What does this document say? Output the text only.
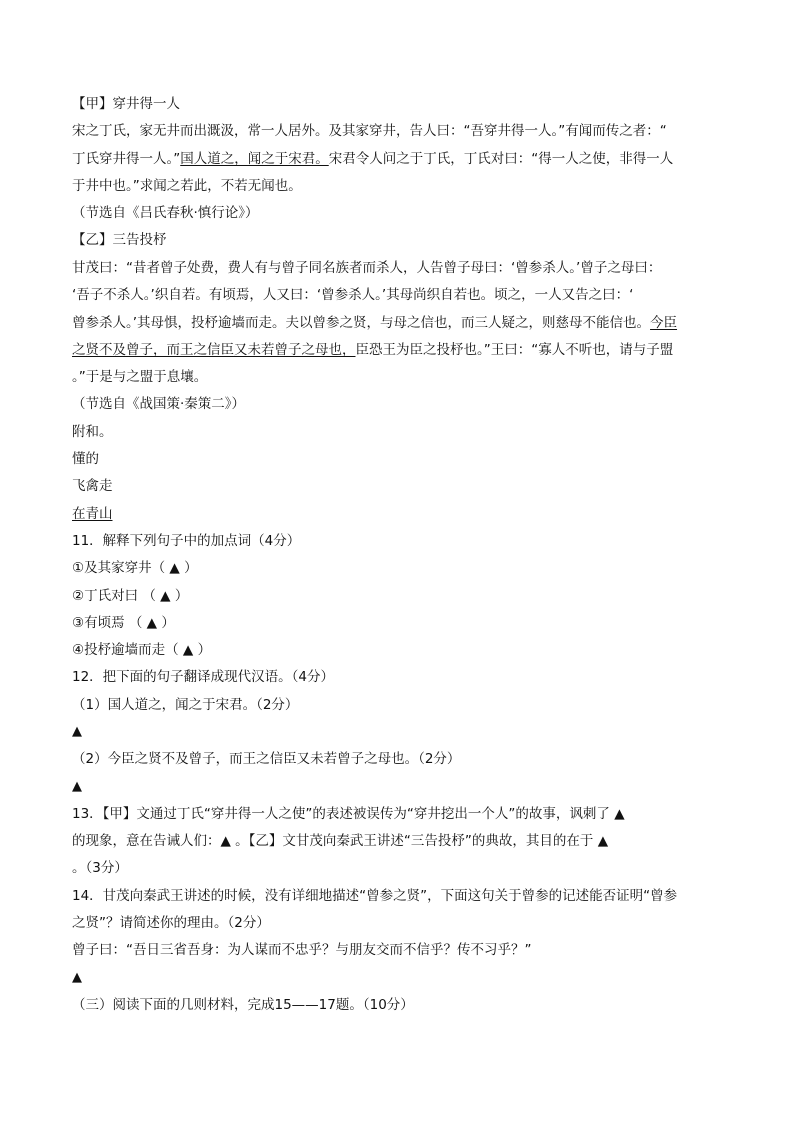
【甲】穿井得一人
宋之丁氏，家无井而出溉汲，常一人居外。及其家穿井，告人曰：“吾穿井得一人。”有闻而传之者：“
丁氏穿井得一人。”国人道之，闻之于宋君。宋君令人问之于丁氏，丁氏对曰：“得一人之使，非得一人
于井中也。”求闻之若此，不若无闻也。
（节选自《吕氏春秋·慎行论》）
【乙】三告投杼
甘茂曰：“昔者曾子处费，费人有与曾子同名族者而杀人，人告曾子母曰：‘曾参杀人。’曾子之母曰：
‘吾子不杀人。’织自若。有顷焉，人又曰：‘曾参杀人。’其母尚织自若也。顷之，一人又告之曰：‘
曾参杀人。’其母惧，投杼逾墙而走。夫以曾参之贤，与母之信也，而三人疑之，则慈母不能信也。今臣
之贤不及曾子，而王之信臣又未若曾子之母也，臣恐王为臣之投杼也。”王曰：“寡人不听也，请与子盟
。”于是与之盟于息壤。
（节选自《战国策·秦策二》）
附和。
懂的
飞禽走
在青山
11．解释下列句子中的加点词（4分）
①及其家穿井（ ▲ ）
②丁氏对曰 （ ▲ ）
③有顷焉 （ ▲ ）
④投杼逾墙而走（ ▲ ）
12．把下面的句子翻译成现代汉语。（4分）
（1）国人道之，闻之于宋君。（2分）
▲
（2）今臣之贤不及曾子，而王之信臣又未若曾子之母也。（2分）
▲
13．【甲】文通过丁氏“穿井得一人之使”的表述被误传为“穿井挖出一个人”的故事，讽刺了 ▲
的现象，意在告诫人们：▲ 。【乙】文甘茂向秦武王讲述“三告投杼”的典故，其目的在于 ▲
。（3分）
14．甘茂向秦武王讲述的时候，没有详细地描述“曾参之贤”，下面这句关于曾参的记述能否证明“曾参
之贤”？请简述你的理由。（2分）
曾子曰：“吾日三省吾身：为人谋而不忠乎？与朋友交而不信乎？传不习乎？”
▲
（三）阅读下面的几则材料，完成15——17题。（10分）
